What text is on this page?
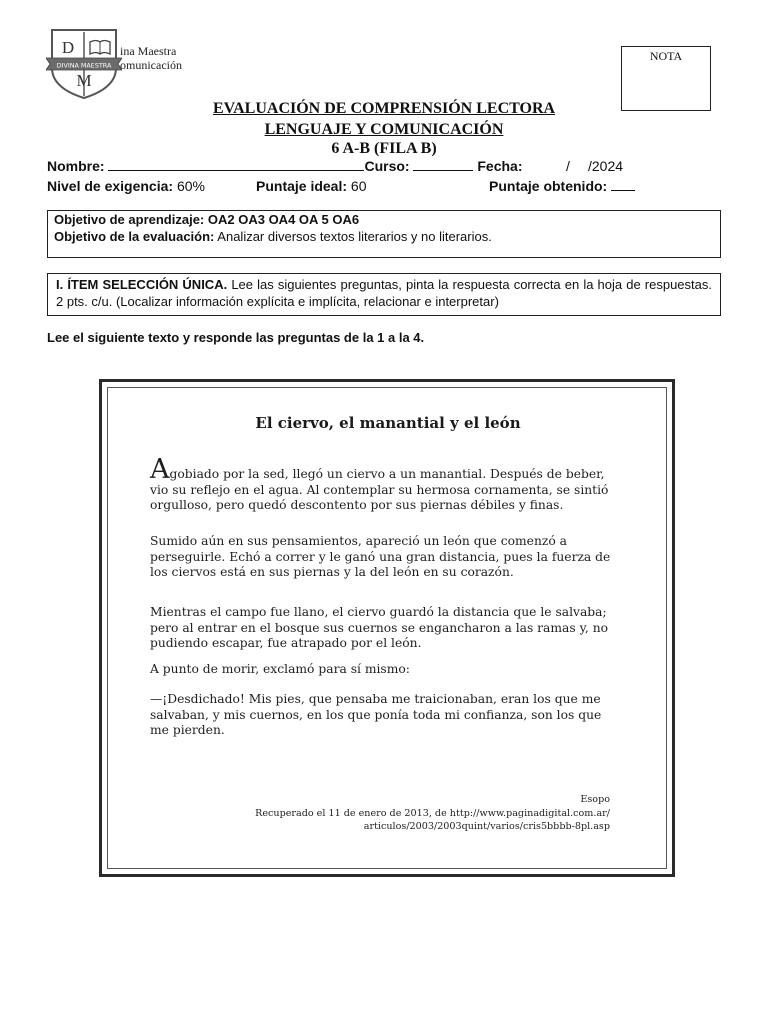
D
DIVINA MAESTRA
M
ina Maestra
omunicación
NOTA
EVALUACIÓN DE COMPRENSIÓN LECTORA
LENGUAJE Y COMUNICACIÓN
6 A-B (FILA B)
Nombre:	Curso:	Fecha:	/ /2024
Nivel de exigencia: 60%	Puntaje ideal: 60	Puntaje obtenido:
Objetivo de aprendizaje: OA2 OA3 OA4 OA 5 OA6
Objetivo de la evaluación: Analizar diversos textos literarios y no literarios.
I. ÍTEM SELECCIÓN ÚNICA. Lee las siguientes preguntas, pinta la respuesta correcta en la hoja de respuestas. 2 pts. c/u. (Localizar información explícita e implícita, relacionar e interpretar)
Lee el siguiente texto y responde las preguntas de la 1 a la 4.
El ciervo, el manantial y el león
Agobiado por la sed, llegó un ciervo a un manantial. Después de beber, vio su reflejo en el agua. Al contemplar su hermosa cornamenta, se sintió orgulloso, pero quedó descontento por sus piernas débiles y finas.
Sumido aún en sus pensamientos, apareció un león que comenzó a perseguirle. Echó a correr y le ganó una gran distancia, pues la fuerza de los ciervos está en sus piernas y la del león en su corazón.
Mientras el campo fue llano, el ciervo guardó la distancia que le salvaba; pero al entrar en el bosque sus cuernos se engancharon a las ramas y, no pudiendo escapar, fue atrapado por el león.
A punto de morir, exclamó para sí mismo:
—¡Desdichado! Mis pies, que pensaba me traicionaban, eran los que me salvaban, y mis cuernos, en los que ponía toda mi confianza, son los que me pierden.
Esopo
Recuperado el 11 de enero de 2013, de http://www.paginadigital.com.ar/
articulos/2003/2003quint/varios/cris5bbbb-8pl.asp
